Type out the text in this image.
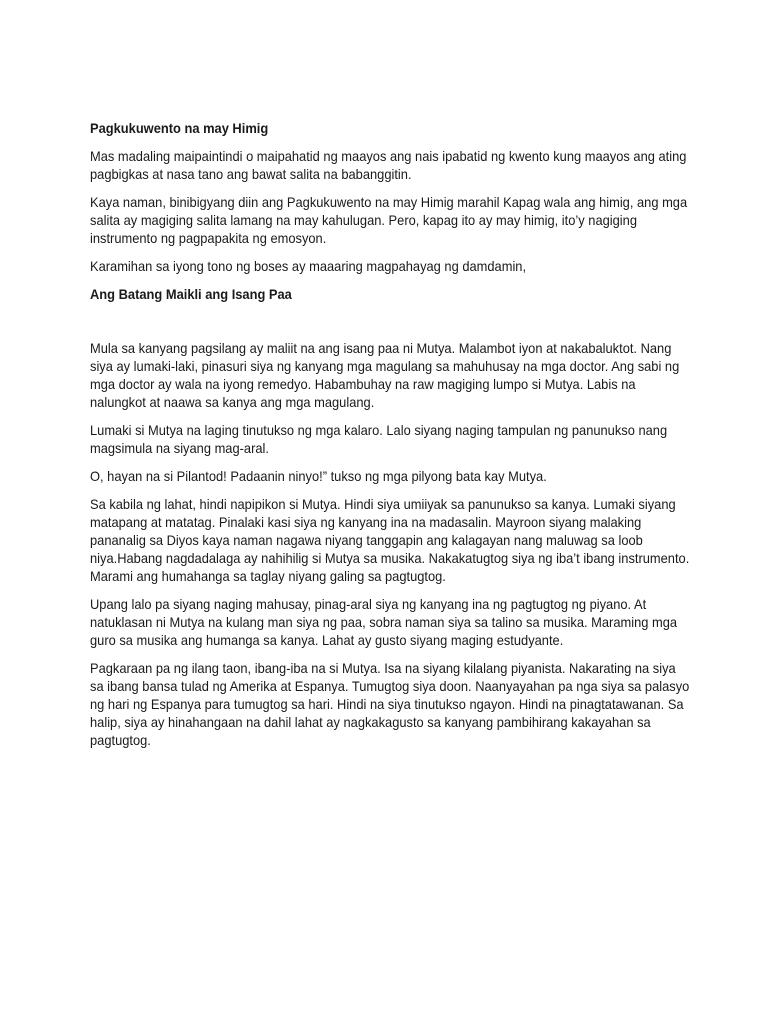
Pagkukuwento na may Himig

Mas madaling maipaintindi o maipahatid ng maayos ang nais ipabatid ng kwento kung maayos ang ating pagbigkas at nasa tano ang bawat salita na babanggitin.

Kaya naman, binibigyang diin ang Pagkukuwento na may Himig marahil Kapag wala ang himig, ang mga salita ay magiging salita lamang na may kahulugan. Pero, kapag ito ay may himig, ito’y nagiging instrumento ng pagpapakita ng emosyon.

Karamihan sa iyong tono ng boses ay maaaring magpahayag ng damdamin,

Ang Batang Maikli ang Isang Paa

Mula sa kanyang pagsilang ay maliit na ang isang paa ni Mutya. Malambot iyon at nakabaluktot. Nang siya ay lumaki-laki, pinasuri siya ng kanyang mga magulang sa mahuhusay na mga doctor. Ang sabi ng mga doctor ay wala na iyong remedyo. Habambuhay na raw magiging lumpo si Mutya. Labis na nalungkot at naawa sa kanya ang mga magulang.

Lumaki si Mutya na laging tinutukso ng mga kalaro. Lalo siyang naging tampulan ng panunukso nang magsimula na siyang mag-aral.

O, hayan na si Pilantod! Padaanin ninyo!” tukso ng mga pilyong bata kay Mutya.

Sa kabila ng lahat, hindi napipikon si Mutya. Hindi siya umiiyak sa panunukso sa kanya. Lumaki siyang matapang at matatag. Pinalaki kasi siya ng kanyang ina na madasalin. Mayroon siyang malaking pananalig sa Diyos kaya naman nagawa niyang tanggapin ang kalagayan nang maluwag sa loob niya.Habang nagdadalaga ay nahihilig si Mutya sa musika. Nakakatugtog siya ng iba’t ibang instrumento. Marami ang humahanga sa taglay niyang galing sa pagtugtog.

Upang lalo pa siyang naging mahusay, pinag-aral siya ng kanyang ina ng pagtugtog ng piyano. At natuklasan ni Mutya na kulang man siya ng paa, sobra naman siya sa talino sa musika. Maraming mga guro sa musika ang humanga sa kanya. Lahat ay gusto siyang maging estudyante.

Pagkaraan pa ng ilang taon, ibang-iba na si Mutya. Isa na siyang kilalang piyanista. Nakarating na siya sa ibang bansa tulad ng Amerika at Espanya. Tumugtog siya doon. Naanyayahan pa nga siya sa palasyo ng hari ng Espanya para tumugtog sa hari. Hindi na siya tinutukso ngayon. Hindi na pinagtatawanan. Sa halip, siya ay hinahangaan na dahil lahat ay nagkakagusto sa kanyang pambihirang kakayahan sa pagtugtog.
